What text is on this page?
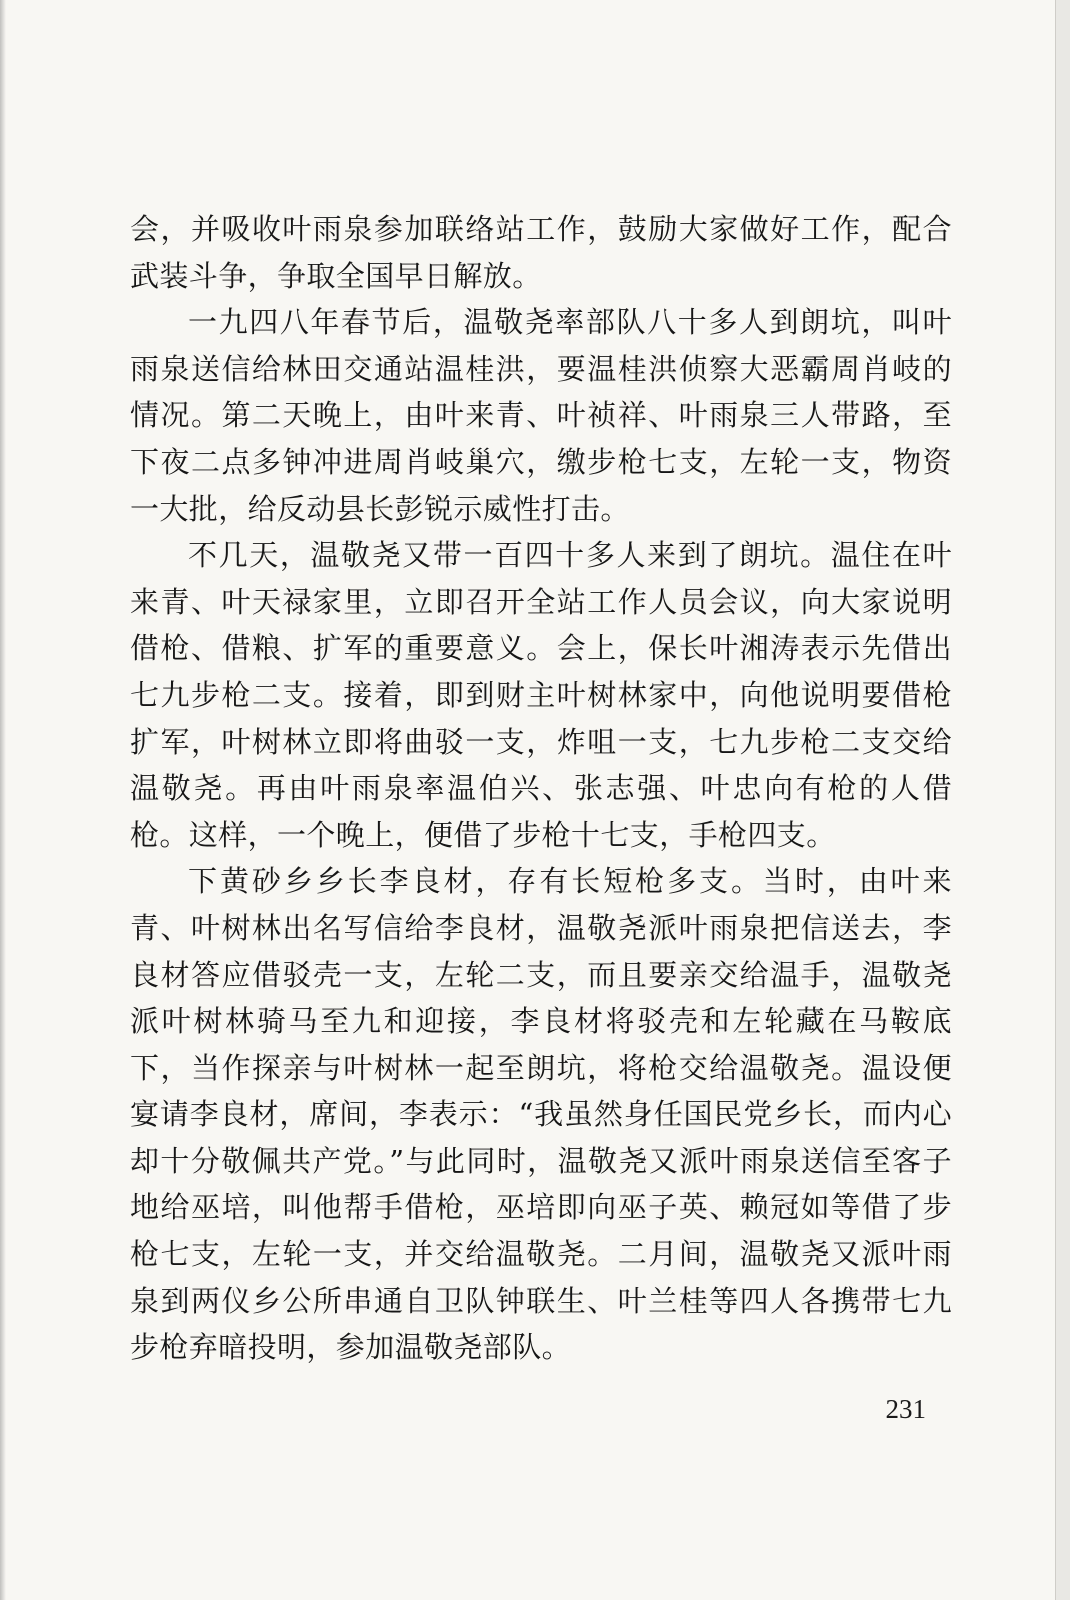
会，并吸收叶雨泉参加联络站工作，鼓励大家做好工作，配合武装斗争，争取全国早日解放。

一九四八年春节后，温敬尧率部队八十多人到朗坑，叫叶雨泉送信给林田交通站温桂洪，要温桂洪侦察大恶霸周肖岐的情况。第二天晚上，由叶来青、叶祯祥、叶雨泉三人带路，至下夜二点多钟冲进周肖岐巢穴，缴步枪七支，左轮一支，物资一大批，给反动县长彭锐示威性打击。

不几天，温敬尧又带一百四十多人来到了朗坑。温住在叶来青、叶天禄家里，立即召开全站工作人员会议，向大家说明借枪、借粮、扩军的重要意义。会上，保长叶湘涛表示先借出七九步枪二支。接着，即到财主叶树林家中，向他说明要借枪扩军，叶树林立即将曲驳一支，炸咀一支，七九步枪二支交给温敬尧。再由叶雨泉率温伯兴、张志强、叶忠向有枪的人借枪。这样，一个晚上，便借了步枪十七支，手枪四支。

下黄砂乡乡长李良材，存有长短枪多支。当时，由叶来青、叶树林出名写信给李良材，温敬尧派叶雨泉把信送去，李良材答应借驳壳一支，左轮二支，而且要亲交给温手，温敬尧派叶树林骑马至九和迎接，李良材将驳壳和左轮藏在马鞍底下，当作探亲与叶树林一起至朗坑，将枪交给温敬尧。温设便宴请李良材，席间，李表示：“我虽然身任国民党乡长，而内心却十分敬佩共产党。”与此同时，温敬尧又派叶雨泉送信至客子地给巫培，叫他帮手借枪，巫培即向巫子英、赖冠如等借了步枪七支，左轮一支，并交给温敬尧。二月间，温敬尧又派叶雨泉到两仪乡公所串通自卫队钟联生、叶兰桂等四人各携带七九步枪弃暗投明，参加温敬尧部队。

231
